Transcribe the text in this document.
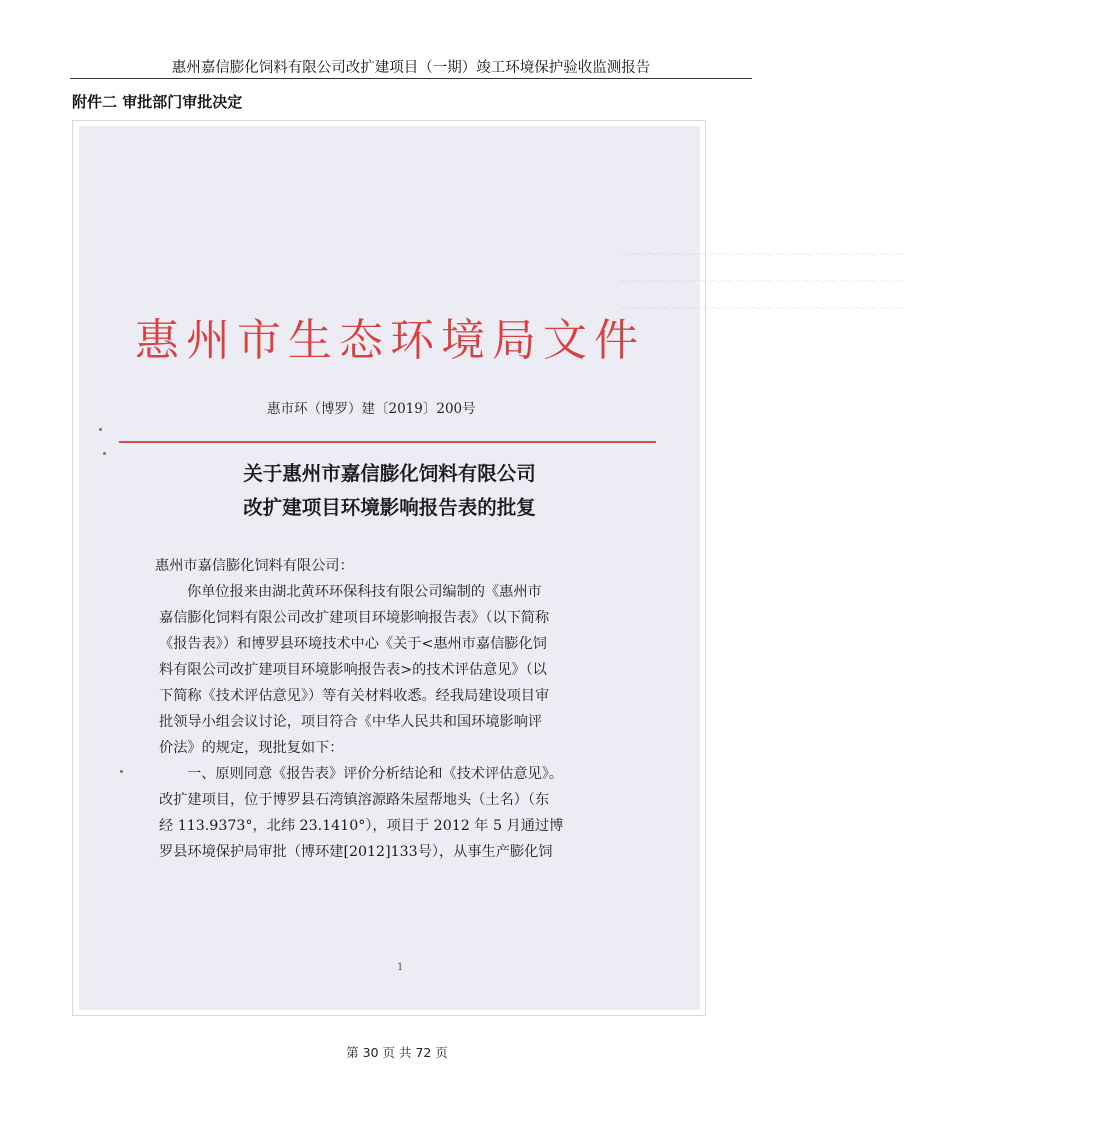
惠州嘉信膨化饲料有限公司改扩建项目（一期）竣工环境保护验收监测报告
附件二 审批部门审批决定
～～～～～～～～～～～～～～～～～～～～～～
～～～～～～～～～～～～～～～～～～～～～～
～～～～～～～～～～～～～～～～～～～～～～
惠州市生态环境局文件
惠市环（博罗）建〔2019〕200号
关于惠州市嘉信膨化饲料有限公司
改扩建项目环境影响报告表的批复

惠州市嘉信膨化饲料有限公司：

你单位报来由湖北黄环环保科技有限公司编制的《惠州市

嘉信膨化饲料有限公司改扩建项目环境影响报告表》（以下简称

《报告表》）和博罗县环境技术中心《关于<惠州市嘉信膨化饲

料有限公司改扩建项目环境影响报告表>的技术评估意见》（以

下简称《技术评估意见》）等有关材料收悉。经我局建设项目审

批领导小组会议讨论，项目符合《中华人民共和国环境影响评

价法》的规定，现批复如下：

一、原则同意《报告表》评价分析结论和《技术评估意见》。

改扩建项目，位于博罗县石湾镇溶源路朱屋帮地头（土名）（东

经 113.9373°，北纬 23.1410°），项目于 2012 年 5 月通过博

罗县环境保护局审批（博环建[2012]133号），从事生产膨化饲

1
第 30 页 共 72 页
